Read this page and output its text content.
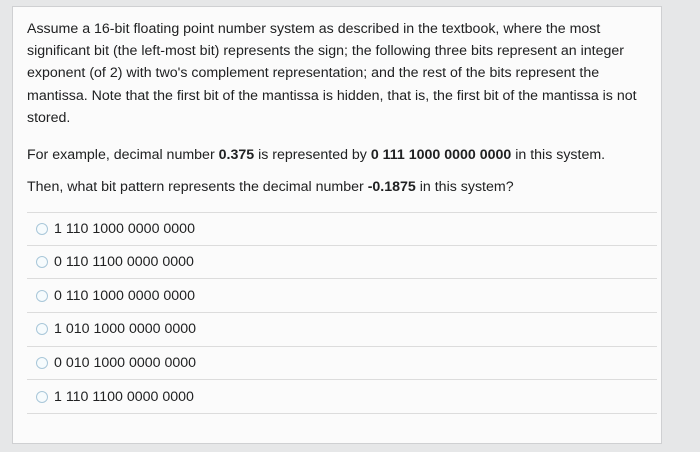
Assume a 16-bit floating point number system as described in the textbook, where the most significant bit (the left-most bit) represents the sign; the following three bits represent an integer exponent (of 2) with two's complement representation; and the rest of the bits represent the mantissa. Note that the first bit of the mantissa is hidden, that is, the first bit of the mantissa is not stored.

For example, decimal number 0.375 is represented by 0 111 1000 0000 0000 in this system.

Then, what bit pattern represents the decimal number -0.1875 in this system?

1 110 1000 0000 0000
0 110 1100 0000 0000
0 110 1000 0000 0000
1 010 1000 0000 0000
0 010 1000 0000 0000
1 110 1100 0000 0000
